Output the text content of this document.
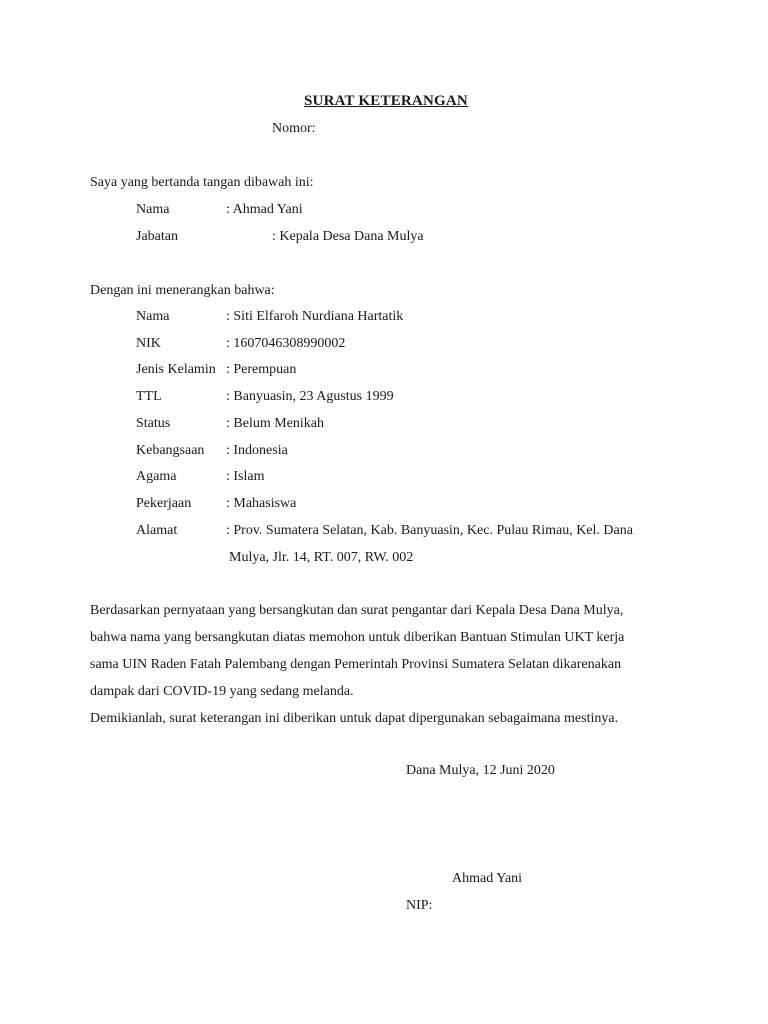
SURAT KETERANGAN
Nomor:
Saya yang bertanda tangan dibawah ini:
Nama	: Ahmad Yani
Jabatan	: Kepala Desa Dana Mulya
Dengan ini menerangkan bahwa:
Nama	: Siti Elfaroh Nurdiana Hartatik
NIK	: 1607046308990002
Jenis Kelamin : Perempuan
TTL	: Banyuasin, 23 Agustus 1999
Status	: Belum Menikah
Kebangsaan : Indonesia
Agama	: Islam
Pekerjaan : Mahasiswa
Alamat	: Prov. Sumatera Selatan, Kab. Banyuasin, Kec. Pulau Rimau, Kel. Dana
Mulya, Jlr. 14, RT. 007, RW. 002

Berdasarkan pernyataan yang bersangkutan dan surat pengantar dari Kepala Desa Dana Mulya,
bahwa nama yang bersangkutan diatas memohon untuk diberikan Bantuan Stimulan UKT kerja
sama UIN Raden Fatah Palembang dengan Pemerintah Provinsi Sumatera Selatan dikarenakan
dampak dari COVID-19 yang sedang melanda.
Demikianlah, surat keterangan ini diberikan untuk dapat dipergunakan sebagaimana mestinya.

Dana Mulya, 12 Juni 2020
Ahmad Yani
NIP:
